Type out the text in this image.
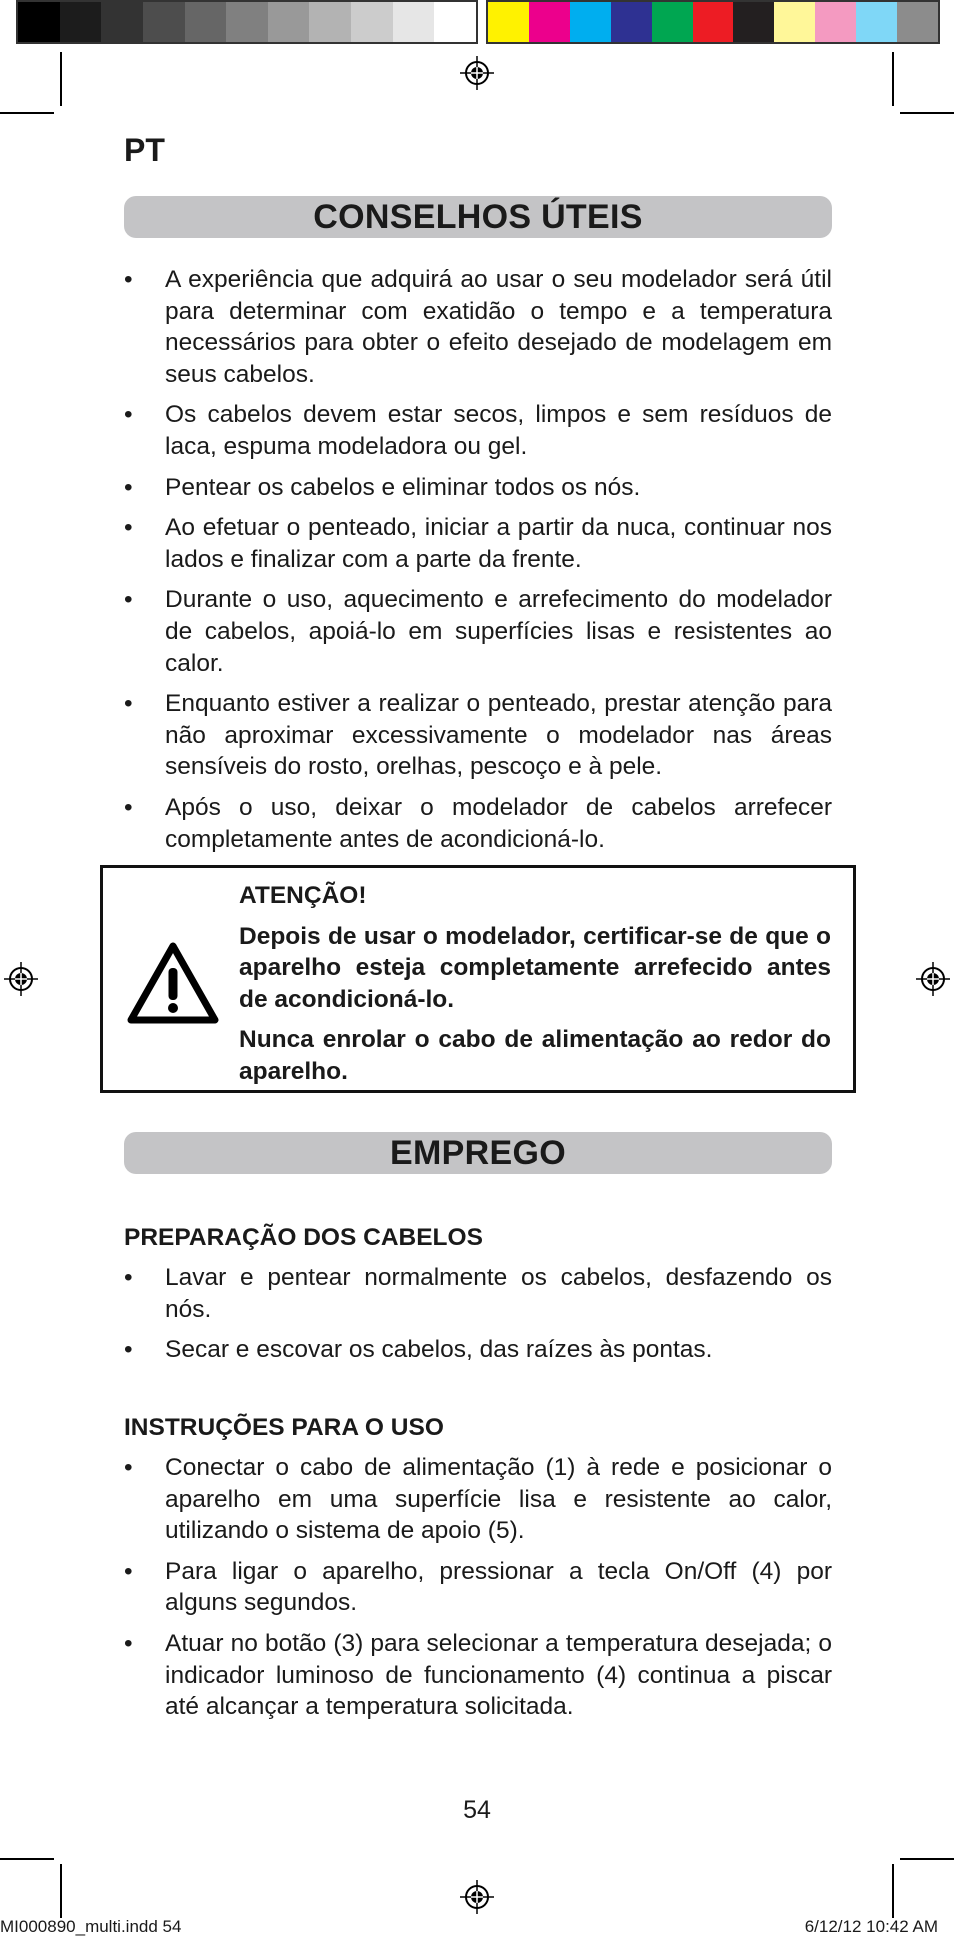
PT
CONSELHOS ÚTEIS
• A experiência que adquirá ao usar o seu modelador será útil para determinar com exatidão o tempo e a temperatura necessários para obter o efeito desejado de modelagem em seus cabelos.
• Os cabelos devem estar secos, limpos e sem resíduos de laca, espuma modeladora ou gel.
• Pentear os cabelos e eliminar todos os nós.
• Ao efetuar o penteado, iniciar a partir da nuca, continuar nos lados e finalizar com a parte da frente.
• Durante o uso, aquecimento e arrefecimento do modelador de cabelos, apoiá-lo em superfícies lisas e resistentes ao calor.
• Enquanto estiver a realizar o penteado, prestar atenção para não aproximar excessivamente o modelador nas áreas sensíveis do rosto, orelhas, pescoço e à pele.
• Após o uso, deixar o modelador de cabelos arrefecer completamente antes de acondicioná-lo.

ATENÇÃO!

Depois de usar o modelador, certificar-se de que o aparelho esteja completamente arrefecido antes de acondicioná-lo.

Nunca enrolar o cabo de alimentação ao redor do aparelho.

EMPREGO
PREPARAÇÃO DOS CABELOS
• Lavar e pentear normalmente os cabelos, desfazendo os nós.
• Secar e escovar os cabelos, das raízes às pontas.
INSTRUÇÕES PARA O USO
• Conectar o cabo de alimentação (1) à rede e posicionar o aparelho em uma superfície lisa e resistente ao calor, utilizando o sistema de apoio (5).
• Para ligar o aparelho, pressionar a tecla On/Off (4) por alguns segundos.
• Atuar no botão (3) para selecionar a temperatura desejada; o indicador luminoso de funcionamento (4) continua a piscar até alcançar a temperatura solicitada.
54
MI000890_multi.indd 54	6/12/12 10:42 AM
